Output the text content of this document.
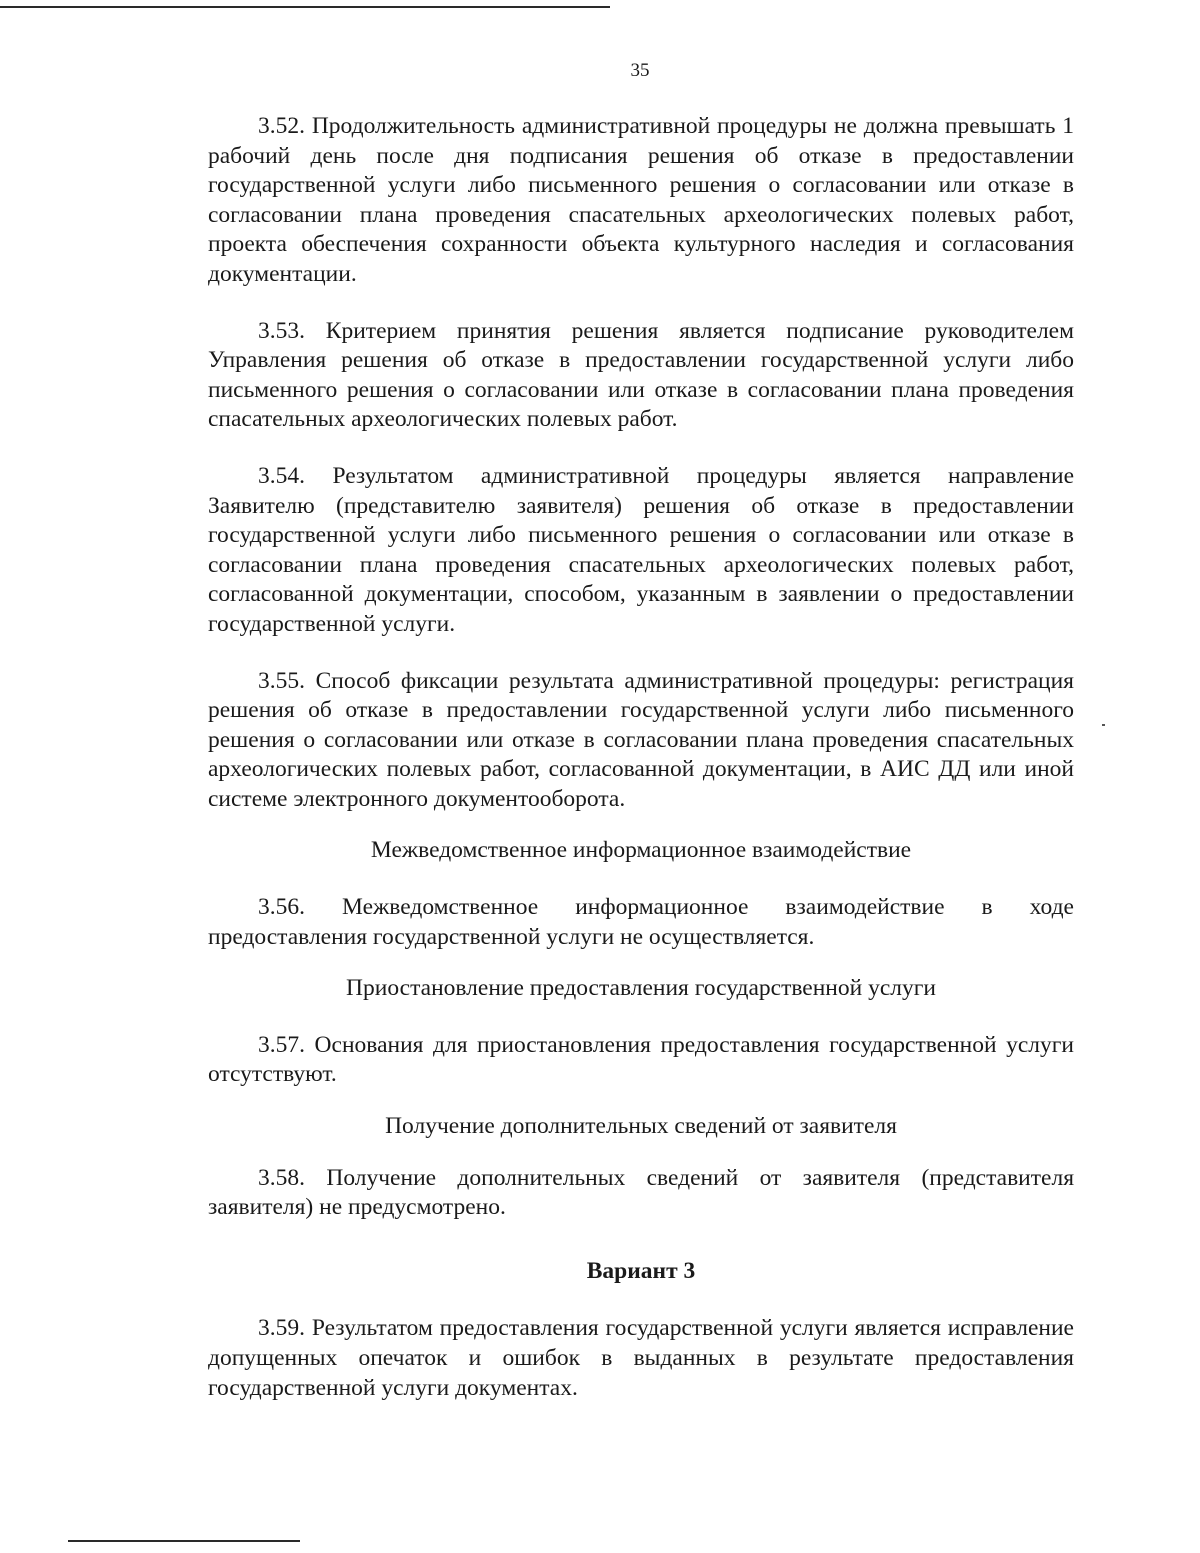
35

3.52. Продолжительность административной процедуры не должна превышать 1 рабочий день после дня подписания решения об отказе в предоставлении государственной услуги либо письменного решения о согласовании или отказе в согласовании плана проведения спасательных археологических полевых работ, проекта обеспечения сохранности объекта культурного наследия и согласования документации.

3.53. Критерием принятия решения является подписание руководителем Управления решения об отказе в предоставлении государственной услуги либо письменного решения о согласовании или отказе в согласовании плана проведения спасательных археологических полевых работ.

3.54. Результатом административной процедуры является направление Заявителю (представителю заявителя) решения об отказе в предоставлении государственной услуги либо письменного решения о согласовании или отказе в согласовании плана проведения спасательных археологических полевых работ, согласованной документации, способом, указанным в заявлении о предоставлении государственной услуги.

3.55. Способ фиксации результата административной процедуры: регистрация решения об отказе в предоставлении государственной услуги либо письменного решения о согласовании или отказе в согласовании плана проведения спасательных археологических полевых работ, согласованной документации, в АИС ДД или иной системе электронного документооборота.

Межведомственное информационное взаимодействие

3.56. Межведомственное информационное взаимодействие в ходе предоставления государственной услуги не осуществляется.

Приостановление предоставления государственной услуги

3.57. Основания для приостановления предоставления государственной услуги отсутствуют.

Получение дополнительных сведений от заявителя

3.58. Получение дополнительных сведений от заявителя (представителя заявителя) не предусмотрено.

Вариант 3

3.59. Результатом предоставления государственной услуги является исправление допущенных опечаток и ошибок в выданных в результате предоставления государственной услуги документах.
